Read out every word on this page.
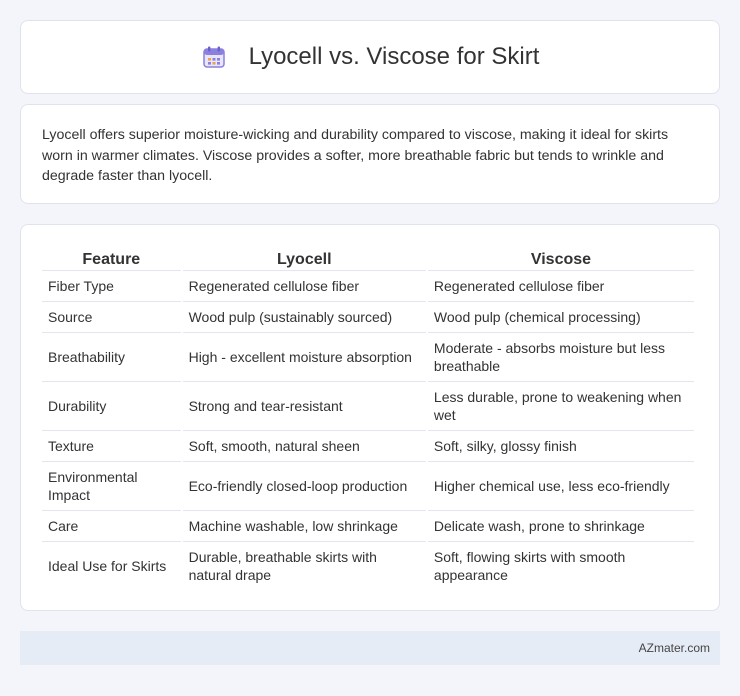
Lyocell vs. Viscose for Skirt

Lyocell offers superior moisture-wicking and durability compared to viscose, making it ideal for skirts worn in warmer climates. Viscose provides a softer, more breathable fabric but tends to wrinkle and degrade faster than lyocell.

Feature	Lyocell	Viscose
Fiber Type	Regenerated cellulose fiber	Regenerated cellulose fiber
Source	Wood pulp (sustainably sourced)	Wood pulp (chemical processing)
Breathability	High - excellent moisture absorption	Moderate - absorbs moisture but less breathable
Durability	Strong and tear-resistant	Less durable, prone to weakening when wet
Texture	Soft, smooth, natural sheen	Soft, silky, glossy finish
Environmental Impact	Eco-friendly closed-loop production	Higher chemical use, less eco-friendly
Care	Machine washable, low shrinkage	Delicate wash, prone to shrinkage
Ideal Use for Skirts	Durable, breathable skirts with natural drape	Soft, flowing skirts with smooth appearance
AZmater.com
